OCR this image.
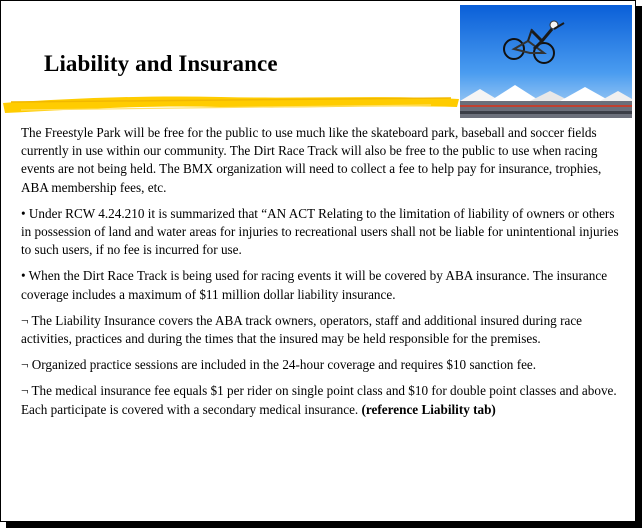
Liability and Insurance

The Freestyle Park will be free for the public to use much like the skateboard park, baseball and soccer fields currently in use within our community. The Dirt Race Track will also be free to the public to use when racing events are not being held. The BMX organization will need to collect a fee to help pay for insurance, trophies, ABA membership fees, etc.

• Under RCW 4.24.210 it is summarized that “AN ACT Relating to the limitation of liability of owners or others in possession of land and water areas for injuries to recreational users shall not be liable for unintentional injuries to such users, if no fee is incurred for use.

• When the Dirt Race Track is being used for racing events it will be covered by ABA insurance. The insurance coverage includes a maximum of $11 million dollar liability insurance.

¬ The Liability Insurance covers the ABA track owners, operators, staff and additional insured during race activities, practices and during the times that the insured may be held responsible for the premises.

¬ Organized practice sessions are included in the 24-hour coverage and requires $10 sanction fee.

¬ The medical insurance fee equals $1 per rider on single point class and $10 for double point classes and above. Each participate is covered with a secondary medical insurance. (reference Liability tab)
